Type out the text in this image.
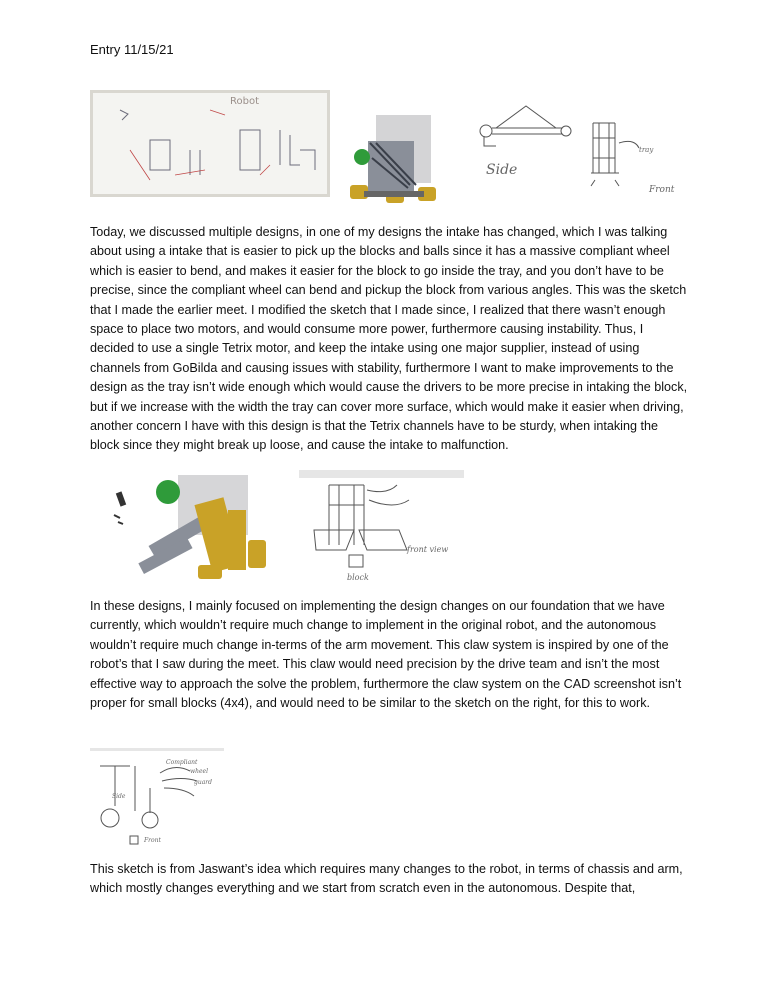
Entry 11/15/21
Robot
Side
tray
Front
Today, we discussed multiple designs, in one of my designs the intake has changed, which I was talking about using a intake that is easier to pick up the blocks and balls since it has a massive compliant wheel which is easier to bend, and makes it easier for the block to go inside the tray, and you don’t have to be precise, since the compliant wheel can bend and pickup the block from various angles. This was the sketch that I made the earlier meet. I modified the sketch that I made since, I realized that there wasn’t enough space to place two motors, and would consume more power, furthermore causing instability. Thus, I decided to use a single Tetrix motor, and keep the intake using one major supplier, instead of using channels from GoBilda and causing issues with stability, furthermore I want to make improvements to the design as the tray isn’t wide enough which would cause the drivers to be more precise in intaking the block, but if we increase with the width the tray can cover more surface, which would make it easier when driving, another concern I have with this design is that the Tetrix channels have to be sturdy, when intaking the block since they might break up loose, and cause the intake to malfunction.
front view
block
In these designs, I mainly focused on implementing the design changes on our foundation that we have currently, which wouldn’t require much change to implement in the original robot, and the autonomous wouldn’t require much change in-terms of the arm movement. This claw system is inspired by one of the robot’s that I saw during the meet. This claw would need precision by the drive team and isn’t the most effective way to approach the solve the problem, furthermore the claw system on the CAD screenshot isn’t proper for small blocks (4x4), and would need to be similar to the sketch on the right, for this to work.
Compliant
wheel
guard
Side
Front
This sketch is from Jaswant’s idea which requires many changes to the robot, in terms of chassis and arm, which mostly changes everything and we start from scratch even in the autonomous. Despite that,
